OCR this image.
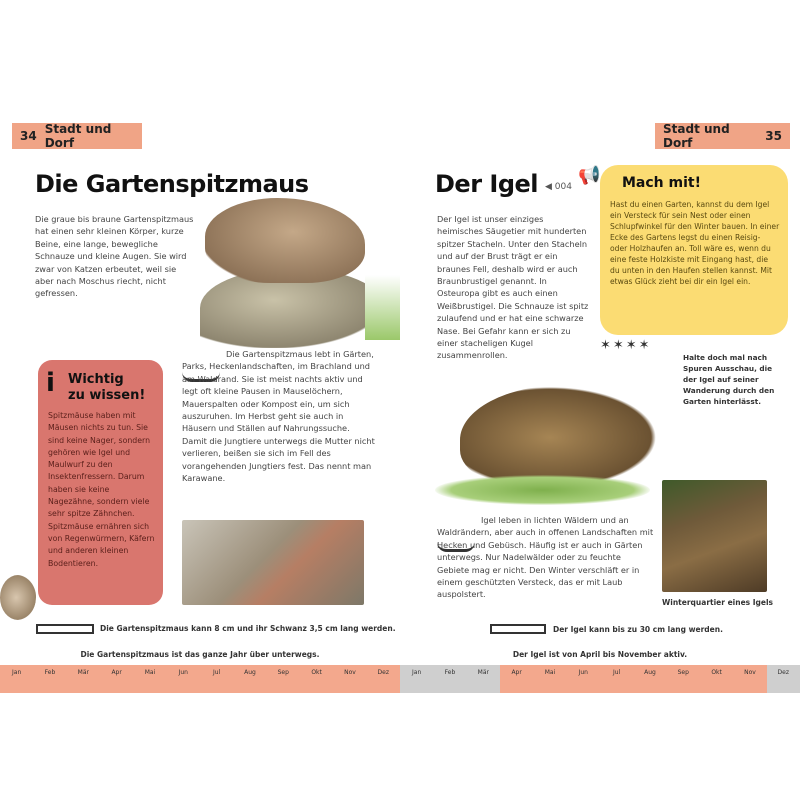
34 Stadt und Dorf
Die Gartenspitzmaus
Die graue bis braune Gartenspitzmaus hat einen sehr kleinen Körper, kurze Beine, eine lange, bewegliche Schnauze und kleine Augen. Sie wird zwar von Katzen erbeutet, weil sie aber nach Moschus riecht, nicht gefressen.
i Wichtig
zu wissen!
Spitzmäuse haben mit Mäusen nichts zu tun. Sie sind keine Nager, sondern gehören wie Igel und Maulwurf zu den Insektenfressern. Darum haben sie keine Nagezähne, sondern viele sehr spitze Zähnchen. Spitzmäuse ernähren sich von Regenwürmern, Käfern und anderen kleinen Bodentieren.
Die Gartenspitzmaus lebt in Gärten, Parks, Heckenlandschaften, im Brachland und am Waldrand. Sie ist meist nachts aktiv und legt oft kleine Pausen in Mauselöchern, Mauerspalten oder Kompost ein, um sich auszuruhen. Im Herbst geht sie auch in Häusern und Ställen auf Nahrungssuche. Damit die Jungtiere unterwegs die Mutter nicht verlieren, beißen sie sich im Fell des vorangehenden Jungtiers fest. Das nennt man Karawane.
Die Gartenspitzmaus kann 8 cm und ihr Schwanz 3,5 cm lang werden.
Die Gartenspitzmaus ist das ganze Jahr über unterwegs.
Jan	Feb	Mär	Apr	Mai	Jun	Jul	Aug	Sep	Okt	Nov	Dez
Stadt und Dorf	35
Der Igel ◀︎ 004
Der Igel ist unser einziges heimisches Säugetier mit hunderten spitzer Stacheln. Unter den Stacheln und auf der Brust trägt er ein braunes Fell, deshalb wird er auch Braunbrustigel genannt. In Osteuropa gibt es auch einen Weißbrustigel. Die Schnauze ist spitz zulaufend und er hat eine schwarze Nase. Bei Gefahr kann er sich zu einer stacheligen Kugel zusammenrollen.
Mach mit!
Hast du einen Garten, kannst du dem Igel ein Versteck für sein Nest oder einen Schlupfwinkel für den Winter bauen. In einer Ecke des Gartens legst du einen Reisig- oder Holzhaufen an. Toll wäre es, wenn du eine feste Holzkiste mit Eingang hast, die du unten in den Haufen stellen kannst. Mit etwas Glück zieht bei dir ein Igel ein.
📢
✶✶✶✶
Halte doch mal nach Spuren Ausschau, die der Igel auf seiner Wanderung durch den Garten hinterlässt.
Igel leben in lichten Wäldern und an Waldrändern, aber auch in offenen Landschaften mit Hecken und Gebüsch. Häufig ist er auch in Gärten unterwegs. Nur Nadelwälder oder zu feuchte Gebiete mag er nicht. Den Winter verschläft er in einem geschützten Versteck, das er mit Laub auspolstert.
Winterquartier eines Igels
Der Igel kann bis zu 30 cm lang werden.
Der Igel ist von April bis November aktiv.
Jan	Feb	Mär	Apr	Mai	Jun	Jul	Aug	Sep	Okt	Nov	Dez
